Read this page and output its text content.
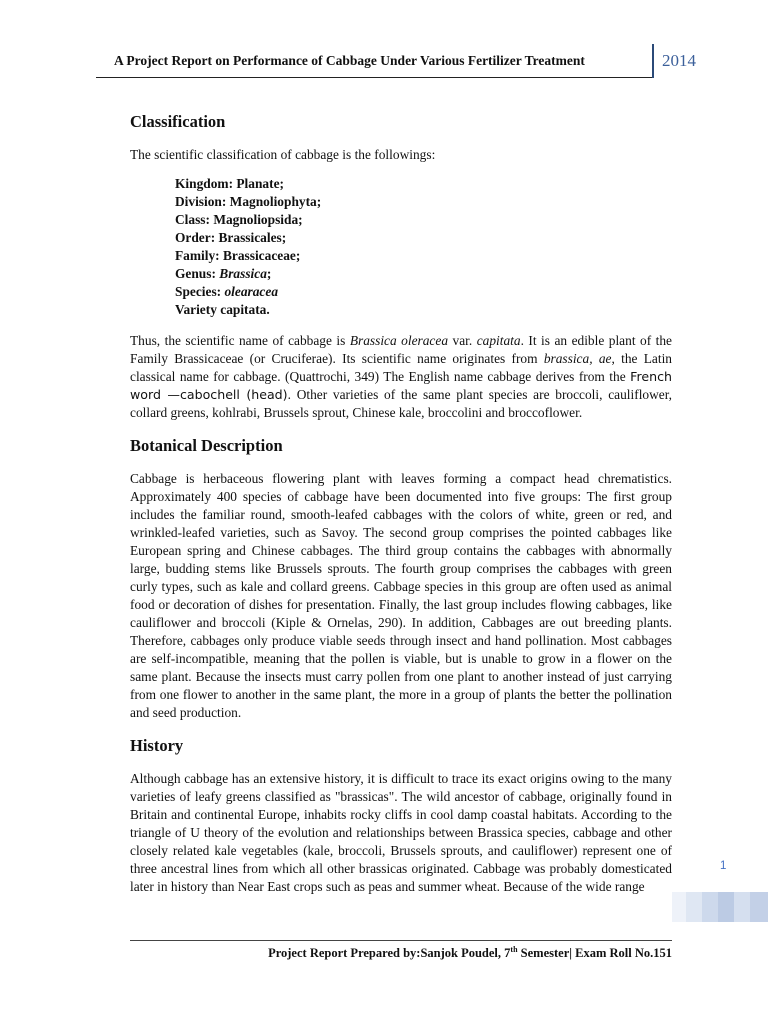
A Project Report on Performance of Cabbage Under Various Fertilizer Treatment	2014
Classification
The scientific classification of cabbage is the followings:
Kingdom: Planate;
Division: Magnoliophyta;
Class: Magnoliopsida;
Order: Brassicales;
Family: Brassicaceae;
Genus: Brassica;
Species: olearacea
Variety capitata.
Thus, the scientific name of cabbage is Brassica oleracea var. capitata. It is an edible plant of the Family Brassicaceae (or Cruciferae). Its scientific name originates from brassica, ae, the Latin classical name for cabbage. (Quattrochi, 349) The English name cabbage derives from the French word —cabochell (head). Other varieties of the same plant species are broccoli, cauliflower, collard greens, kohlrabi, Brussels sprout, Chinese kale, broccolini and broccoflower.
Botanical Description
Cabbage is herbaceous flowering plant with leaves forming a compact head chrematistics. Approximately 400 species of cabbage have been documented into five groups: The first group includes the familiar round, smooth-leafed cabbages with the colors of white, green or red, and wrinkled-leafed varieties, such as Savoy. The second group comprises the pointed cabbages like European spring and Chinese cabbages. The third group contains the cabbages with abnormally large, budding stems like Brussels sprouts. The fourth group comprises the cabbages with green curly types, such as kale and collard greens. Cabbage species in this group are often used as animal food or decoration of dishes for presentation. Finally, the last group includes flowing cabbages, like cauliflower and broccoli (Kiple & Ornelas, 290). In addition, Cabbages are out breeding plants. Therefore, cabbages only produce viable seeds through insect and hand pollination. Most cabbages are self-incompatible, meaning that the pollen is viable, but is unable to grow in a flower on the same plant. Because the insects must carry pollen from one plant to another instead of just carrying from one flower to another in the same plant, the more in a group of plants the better the pollination and seed production.
History
Although cabbage has an extensive history, it is difficult to trace its exact origins owing to the many varieties of leafy greens classified as "brassicas". The wild ancestor of cabbage, originally found in Britain and continental Europe, inhabits rocky cliffs in cool damp coastal habitats. According to the triangle of U theory of the evolution and relationships between Brassica species, cabbage and other closely related kale vegetables (kale, broccoli, Brussels sprouts, and cauliflower) represent one of three ancestral lines from which all other brassicas originated. Cabbage was probably domesticated later in history than Near East crops such as peas and summer wheat. Because of the wide range
1
Project Report Prepared by:Sanjok Poudel, 7th Semester| Exam Roll No.151
